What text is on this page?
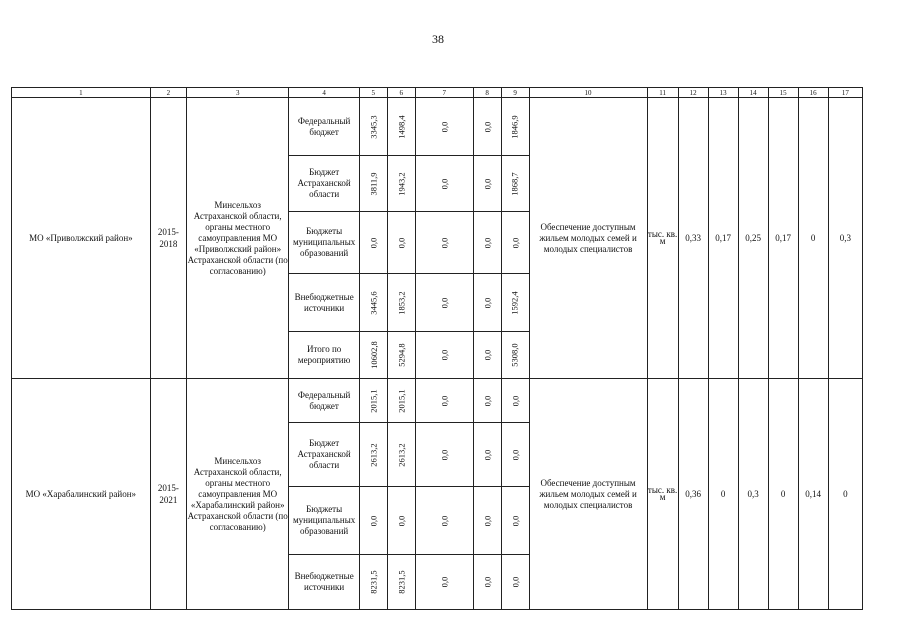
38
1	2	3	4	5	6	7	8	9	10	11	12	13	14	15	16	17
МО «Приволжский район»	2015-2018	Минсельхоз Астраханской области, органы местного самоуправления МО «Приволжский район» Астраханской области (по согласованию)	Федеральный бюджет	3345,3	1498,4	0,0	0,0	1846,9	Обеспечение доступным жильем молодых семей и молодых специалистов	тыс. кв. м	0,33	0,17	0,25	0,17	0	0,3
			Бюджет Астраханской области	3811,9	1943,2	0,0	0,0	1868,7								
			Бюджеты муниципальных образований	0,0	0,0	0,0	0,0	0,0								
			Внебюджетные источники	3445,6	1853,2	0,0	0,0	1592,4								
			Итого по мероприятию	10602,8	5294,8	0,0	0,0	5308,0								
МО «Харабалинский район»	2015-2021	Минсельхоз Астраханской области, органы местного самоуправления МО «Харабалинский район» Астраханской области (по согласованию)	Федеральный бюджет	2015,1	2015,1	0,0	0,0	0,0	Обеспечение доступным жильем молодых семей и молодых специалистов	тыс. кв. м	0,36	0	0,3	0	0,14	0
			Бюджет Астраханской области	2613,2	2613,2	0,0	0,0	0,0								
			Бюджеты муниципальных образований	0,0	0,0	0,0	0,0	0,0								
			Внебюджетные источники	8231,5	8231,5	0,0	0,0	0,0								
